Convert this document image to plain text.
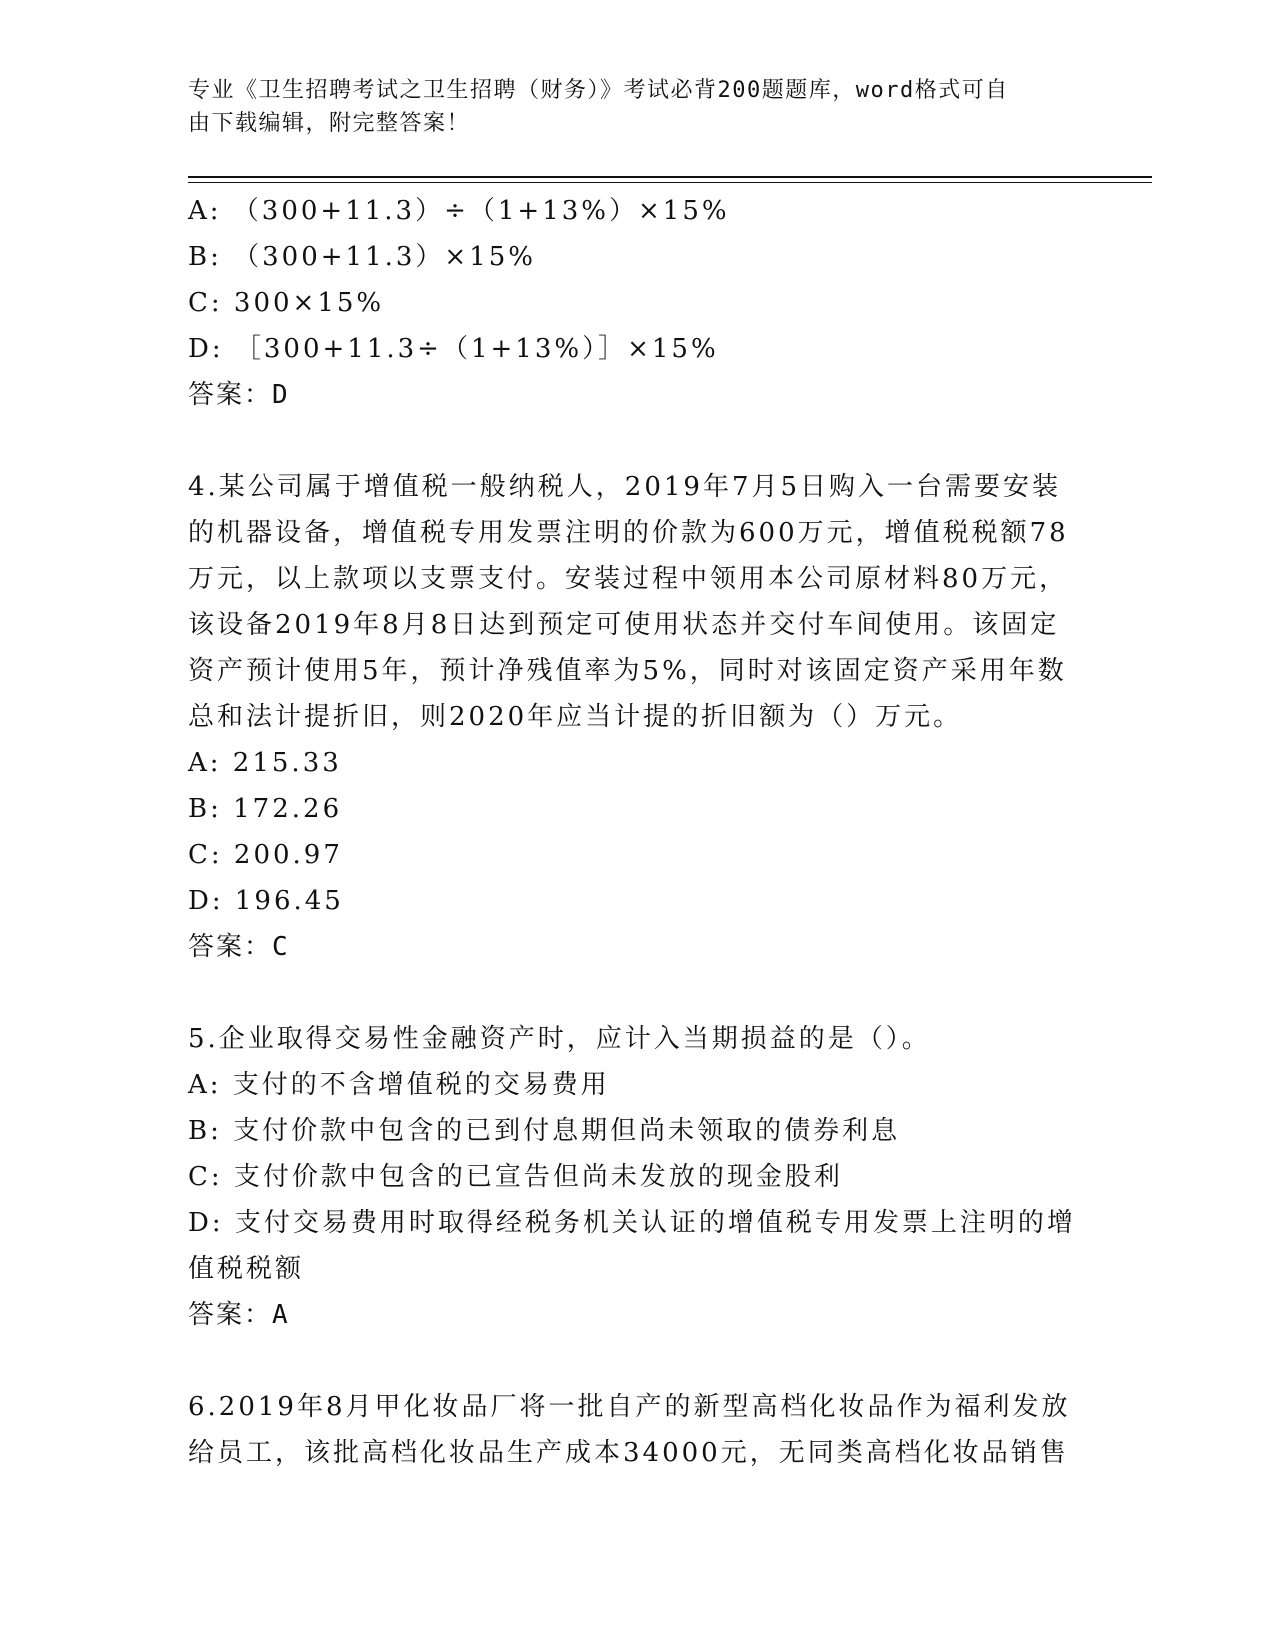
专业《卫生招聘考试之卫生招聘（财务）》考试必背200题题库，word格式可自
由下载编辑，附完整答案！
A: （300+11.3）÷（1+13%）×15%
B: （300+11.3）×15%
C: 300×15%
D: ［300+11.3÷（1+13%）］×15%
答案：D
4.某公司属于增值税一般纳税人，2019年7月5日购入一台需要安装
的机器设备，增值税专用发票注明的价款为600万元，增值税税额78
万元，以上款项以支票支付。安装过程中领用本公司原材料80万元，
该设备2019年8月8日达到预定可使用状态并交付车间使用。该固定
资产预计使用5年，预计净残值率为5%，同时对该固定资产采用年数
总和法计提折旧，则2020年应当计提的折旧额为（）万元。
A: 215.33
B: 172.26
C: 200.97
D: 196.45
答案：C
5.企业取得交易性金融资产时，应计入当期损益的是（）。
A: 支付的不含增值税的交易费用
B: 支付价款中包含的已到付息期但尚未领取的债券利息
C: 支付价款中包含的已宣告但尚未发放的现金股利
D: 支付交易费用时取得经税务机关认证的增值税专用发票上注明的增
值税税额
答案：A
6.2019年8月甲化妆品厂将一批自产的新型高档化妆品作为福利发放
给员工，该批高档化妆品生产成本34000元，无同类高档化妆品销售
